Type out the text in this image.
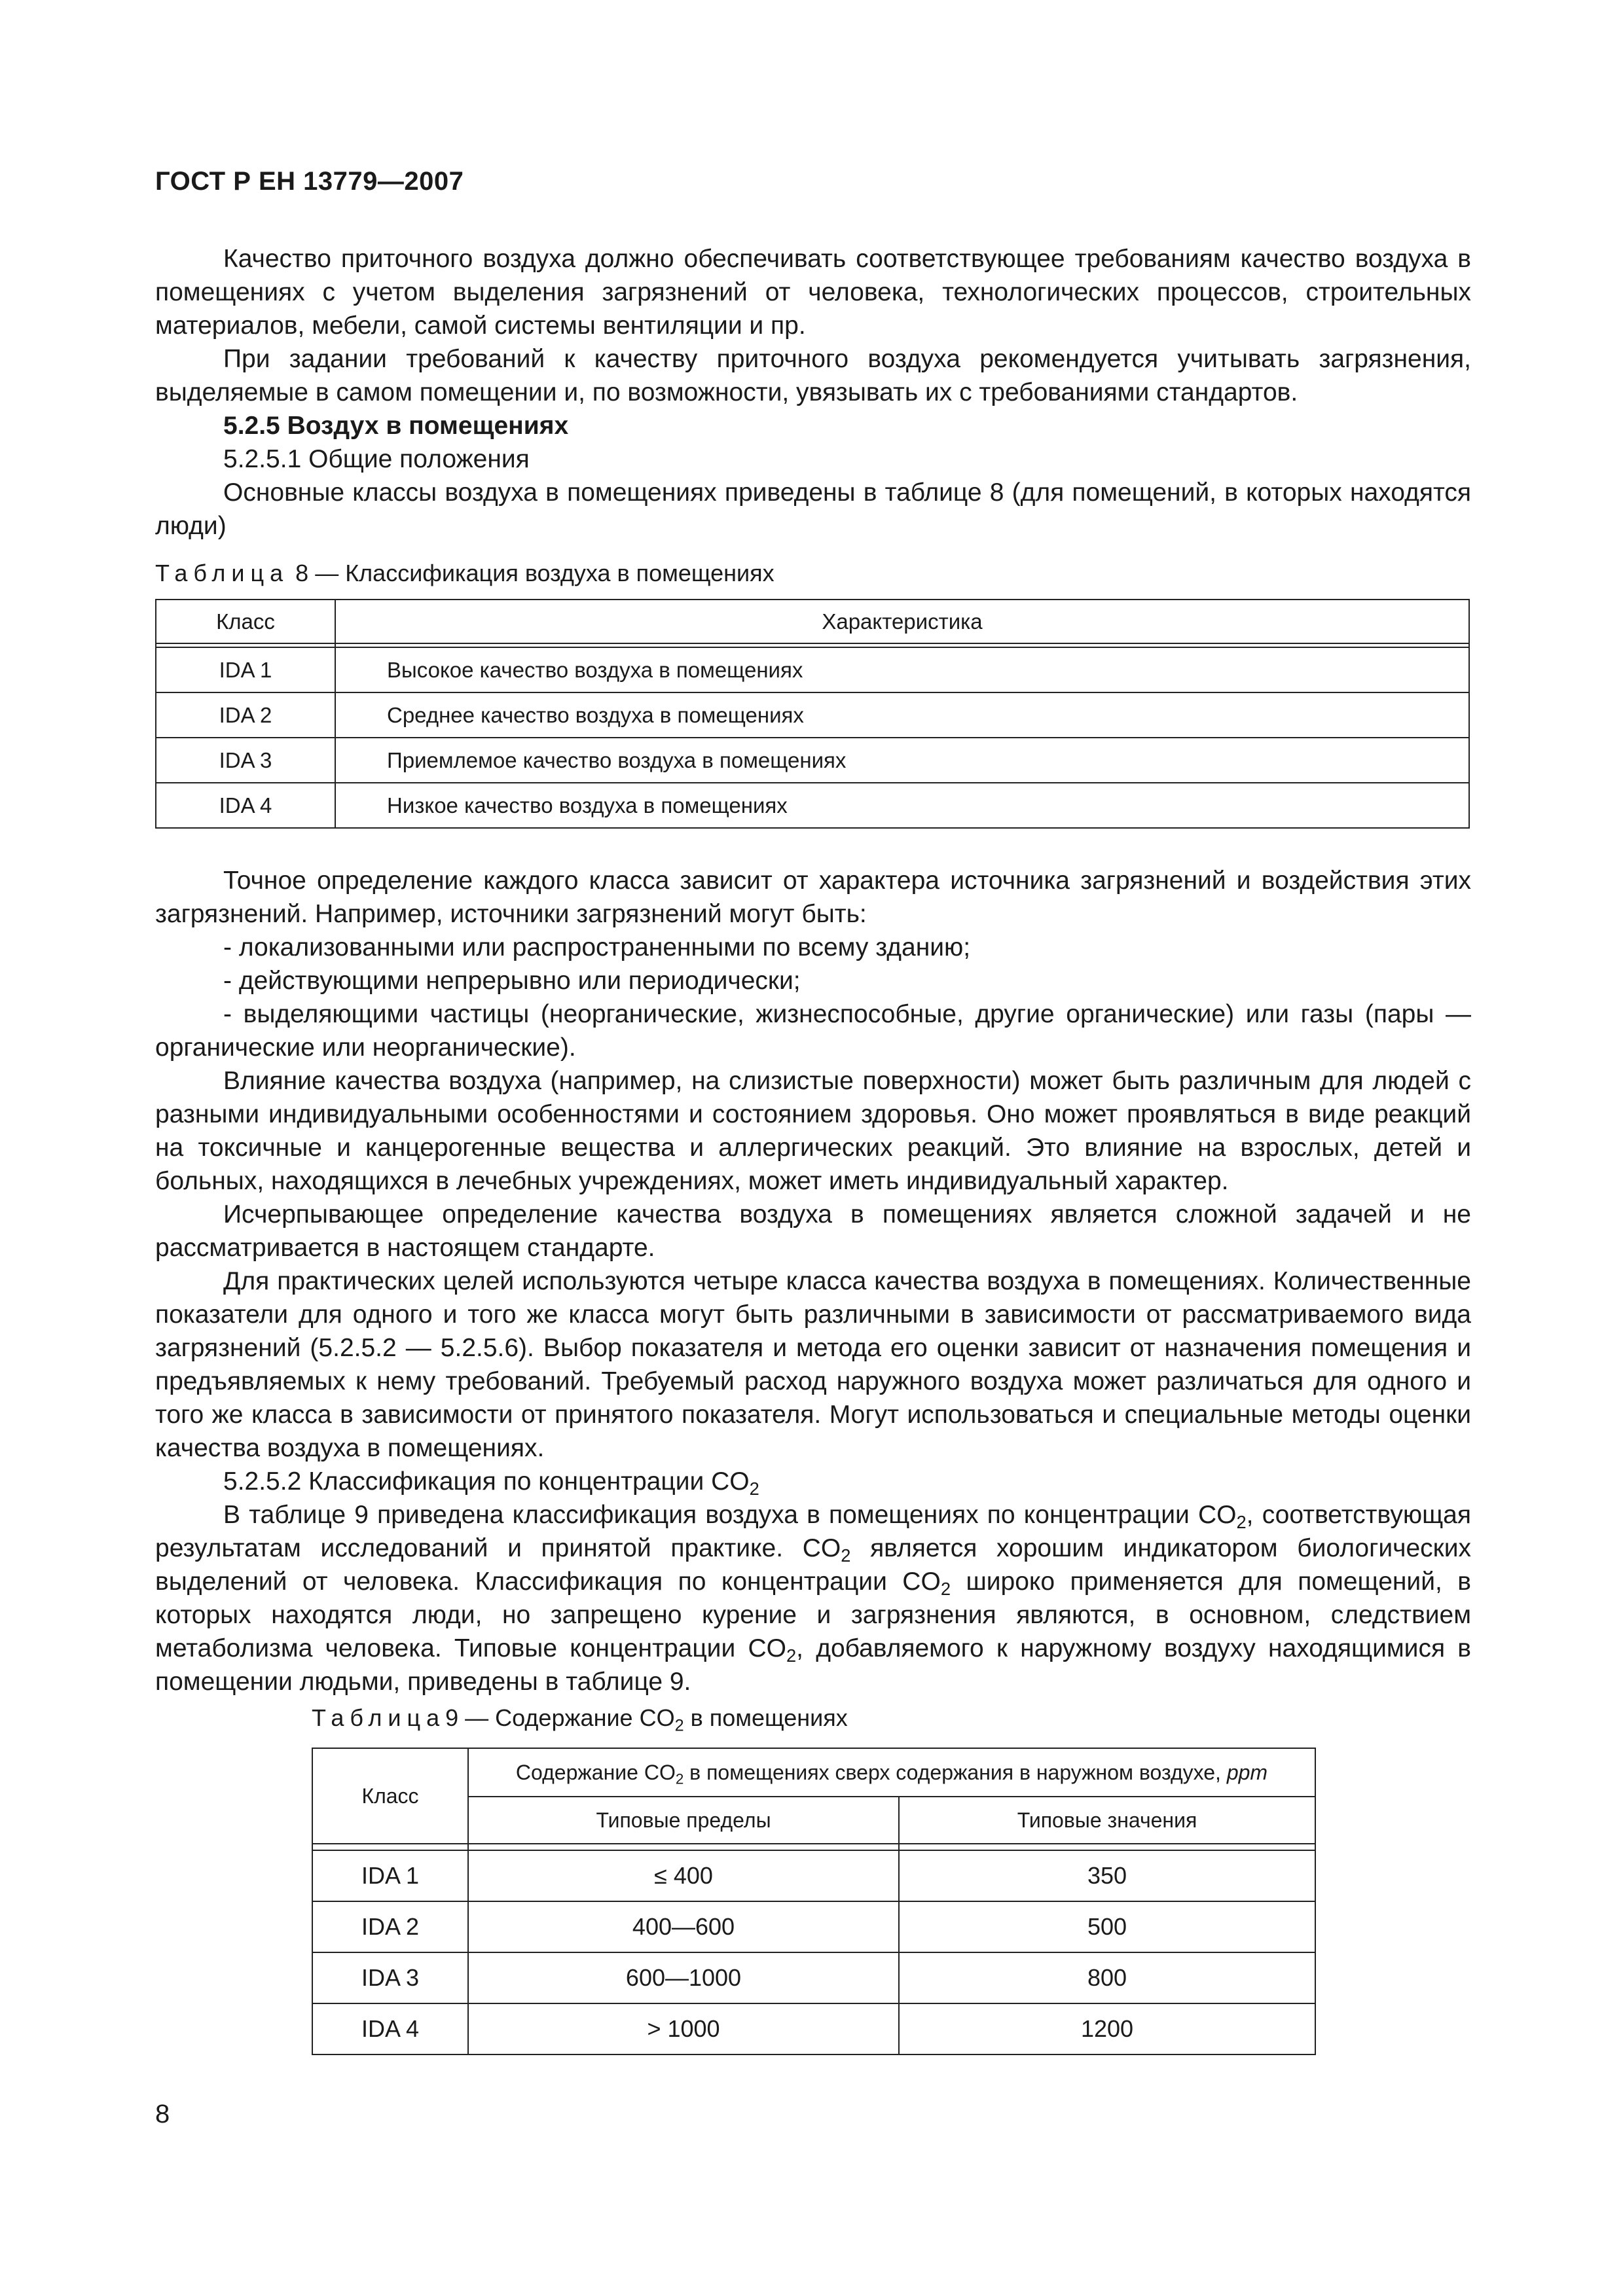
ГОСТ Р ЕН 13779—2007

Качество приточного воздуха должно обеспечивать соответствующее требованиям качество воздуха в помещениях с учетом выделения загрязнений от человека, технологических процессов, строительных материалов, мебели, самой системы вентиляции и пр.

При задании требований к качеству приточного воздуха рекомендуется учитывать загрязнения, выделяемые в самом помещении и, по возможности, увязывать их с требованиями стандартов.

5.2.5 Воздух в помещениях

5.2.5.1 Общие положения

Основные классы воздуха в помещениях приведены в таблице 8 (для помещений, в которых находятся люди)

Таблица 8 — Классификация воздуха в помещениях
Класс	Характеристика

IDA 1	Высокое качество воздуха в помещениях
IDA 2	Среднее качество воздуха в помещениях
IDA 3	Приемлемое качество воздуха в помещениях
IDA 4	Низкое качество воздуха в помещениях

Точное определение каждого класса зависит от характера источника загрязнений и воздействия этих загрязнений. Например, источники загрязнений могут быть:

- локализованными или распространенными по всему зданию;

- действующими непрерывно или периодически;

- выделяющими частицы (неорганические, жизнеспособные, другие органические) или газы (пары — органические или неорганические).

Влияние качества воздуха (например, на слизистые поверхности) может быть различным для людей с разными индивидуальными особенностями и состоянием здоровья. Оно может проявляться в виде реакций на токсичные и канцерогенные вещества и аллергических реакций. Это влияние на взрослых, детей и больных, находящихся в лечебных учреждениях, может иметь индивидуальный характер.

Исчерпывающее определение качества воздуха в помещениях является сложной задачей и не рассматривается в настоящем стандарте.

Для практических целей используются четыре класса качества воздуха в помещениях. Количественные показатели для одного и того же класса могут быть различными в зависимости от рассматриваемого вида загрязнений (5.2.5.2 — 5.2.5.6). Выбор показателя и метода его оценки зависит от назначения помещения и предъявляемых к нему требований. Требуемый расход наружного воздуха может различаться для одного и того же класса в зависимости от принятого показателя. Могут использоваться и специальные методы оценки качества воздуха в помещениях.

5.2.5.2 Классификация по концентрации $CO_2$

В таблице 9 приведена классификация воздуха в помещениях по концентрации $CO_2$, соответствующая результатам исследований и принятой практике. $CO_2$ является хорошим индикатором биологических выделений от человека. Классификация по концентрации $CO_2$ широко применяется для помещений, в которых находятся люди, но запрещено курение и загрязнения являются, в основном, следствием метаболизма человека. Типовые концентрации $CO_2$, добавляемого к наружному воздуху находящимися в помещении людьми, приведены в таблице 9.

Таблица9 — Содержание $CO_2$ в помещениях
Класс	Содержание $CO_2$ в помещениях сверх содержания в наружном воздухе, ppm	
	Типовые пределы	Типовые значения

IDA 1	≤ 400	350
IDA 2	400—600	500
IDA 3	600—1000	800
IDA 4	> 1000	1200
8
